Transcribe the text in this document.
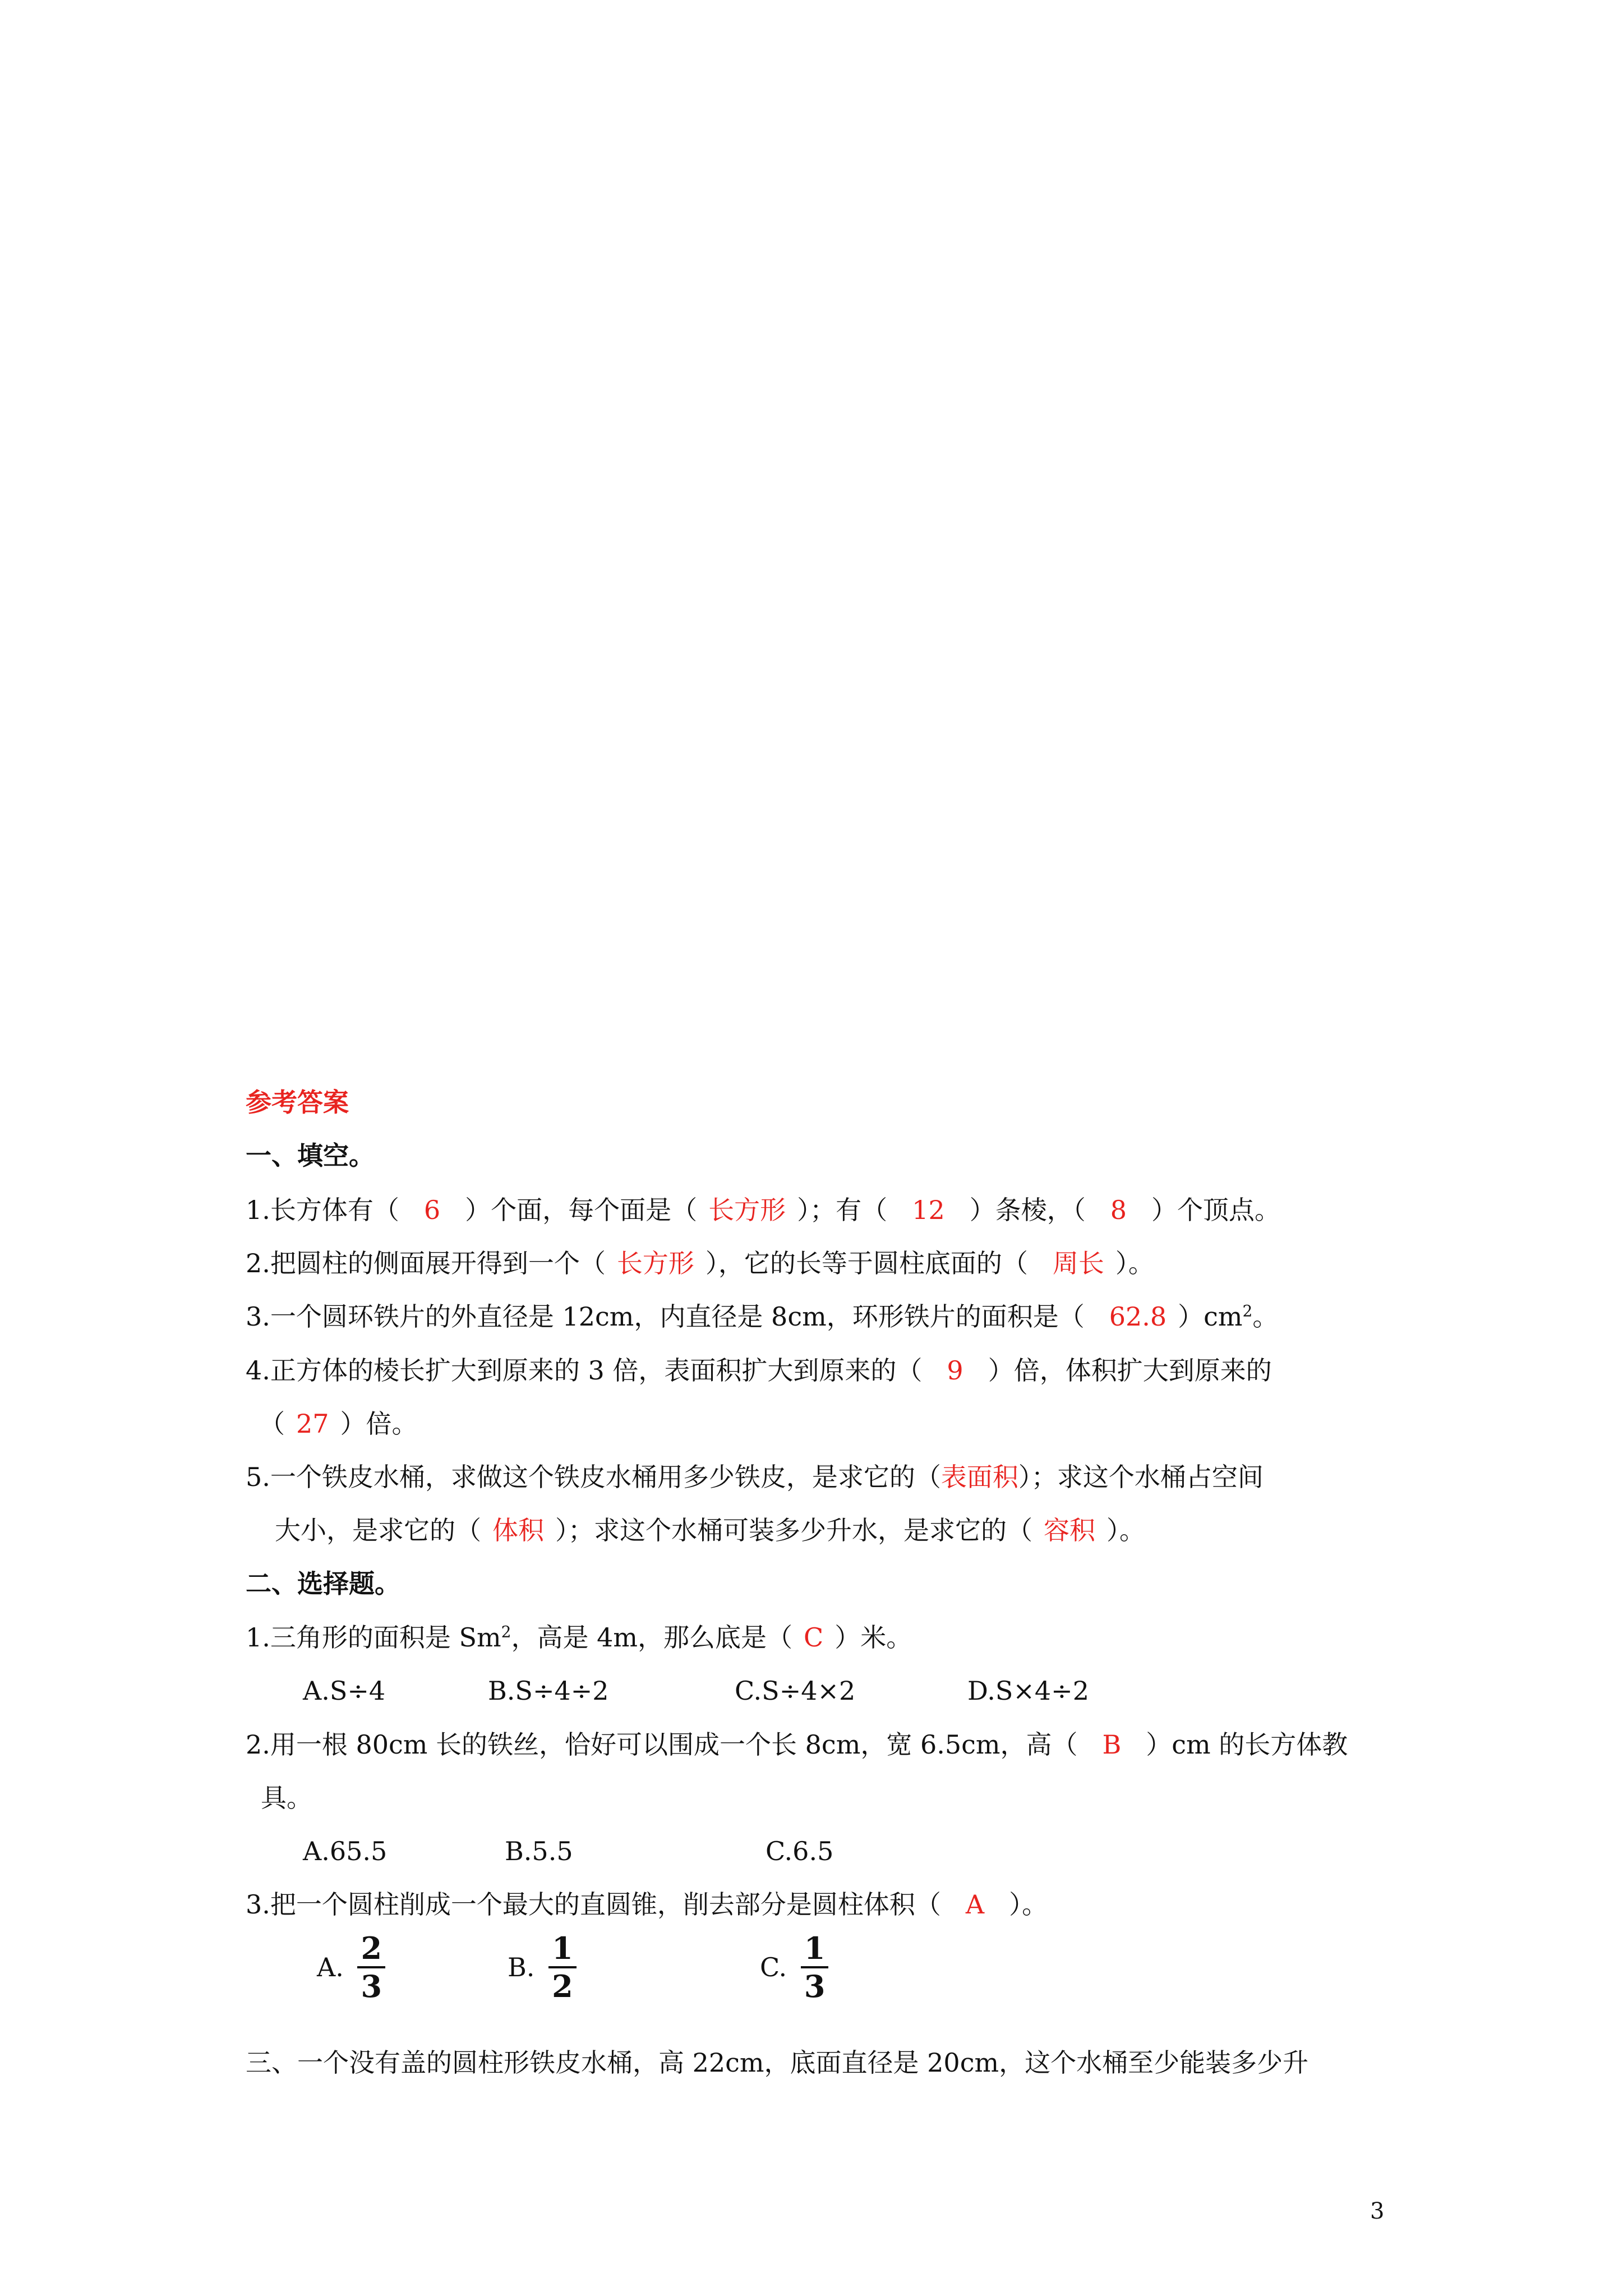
参考答案
一、填空。
1.长方体有（ 6 ）个面，每个面是（ 长方形 ）；有（ 12 ）条棱，（ 8 ）个顶点。
2.把圆柱的侧面展开得到一个（ 长方形 ），它的长等于圆柱底面的（ 周长 ）。
3.一个圆环铁片的外直径是 12cm，内直径是 8cm，环形铁片的面积是（ 62.8 ）$cm^2$。
4.正方体的棱长扩大到原来的 3 倍，表面积扩大到原来的（ 9 ）倍，体积扩大到原来的
（ 27 ）倍。
5.一个铁皮水桶，求做这个铁皮水桶用多少铁皮，是求它的（表面积）；求这个水桶占空间
大小，是求它的（ 体积 ）；求这个水桶可装多少升水，是求它的（ 容积 ）。
二、选择题。
1.三角形的面积是 Sm$^2$，高是 4m，那么底是（ C ）米。
A.S÷4	B.S÷4÷2	C.S÷4×2	D.S×4÷2
2.用一根 80cm 长的铁丝，恰好可以围成一个长 8cm，宽 6.5cm，高（ B ）cm 的长方体教
具。
A.65.5	B.5.5	C.6.5
3.把一个圆柱削成一个最大的直圆锥，削去部分是圆柱体积（ A ）。
A. $\frac{2}{3}$	B. $\frac{1}{2}$	C. $\frac{1}{3}$
三、一个没有盖的圆柱形铁皮水桶，高 22cm，底面直径是 20cm，这个水桶至少能装多少升
3
